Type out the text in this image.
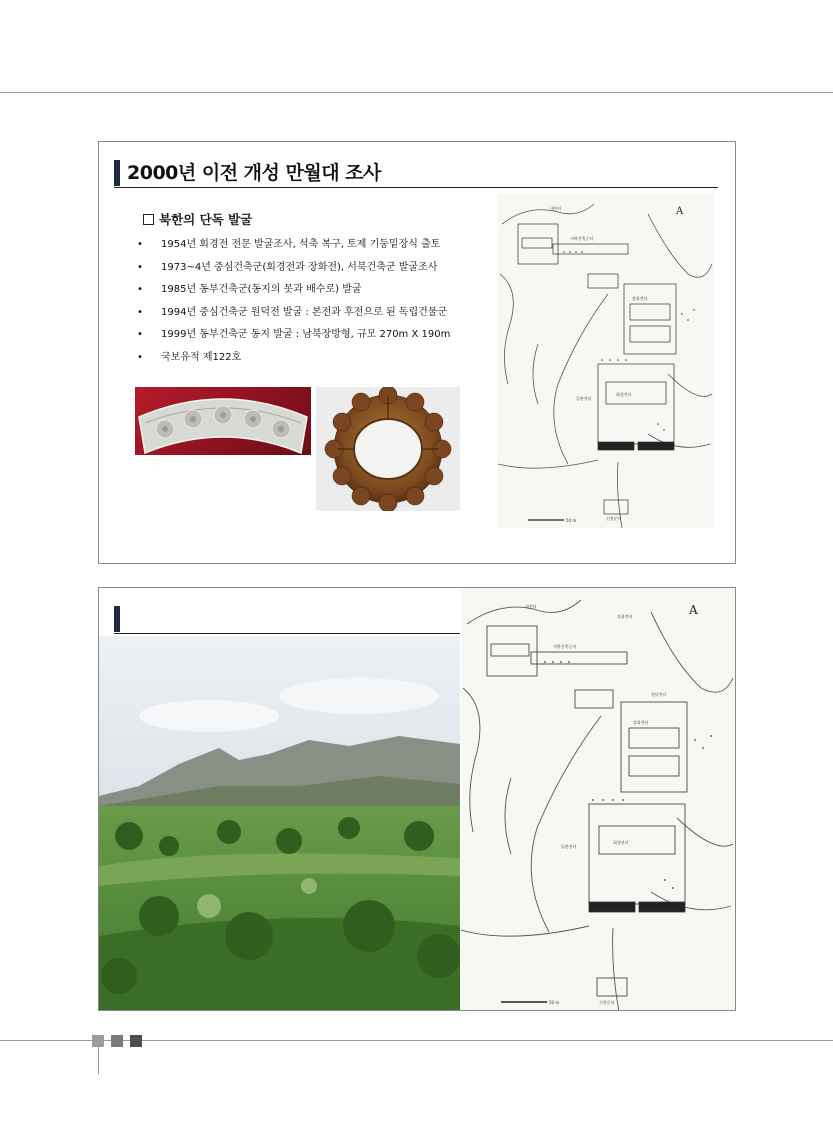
2000년 이전 개성 만월대 조사
북한의 단독 발굴
•	1954년 회경전 전문 발굴조사, 석축 복구, 토제 기둥밑장식 출토
•	1973~4년 중심건축군(회경전과 장화전), 서북건축군 발굴조사
•	1985년 동부건축군(동지의 못과 배수로) 발굴
•	1994년 중심건축군 원덕전 발굴 : 본전과 후전으로 된 독립건물군
•	1999년 동부건축군 동지 발굴 : 남북장방형, 규모 270m X 190m
•	국보유적 제122호
내전터
서북건축군터
장화전터
회경전터
일춘전터
신봉문터
A
50 m
내전터
서북건축군터
장화전터
원덕전터
장화전터
회경전터
일춘전터
신봉문터
A
50 m
